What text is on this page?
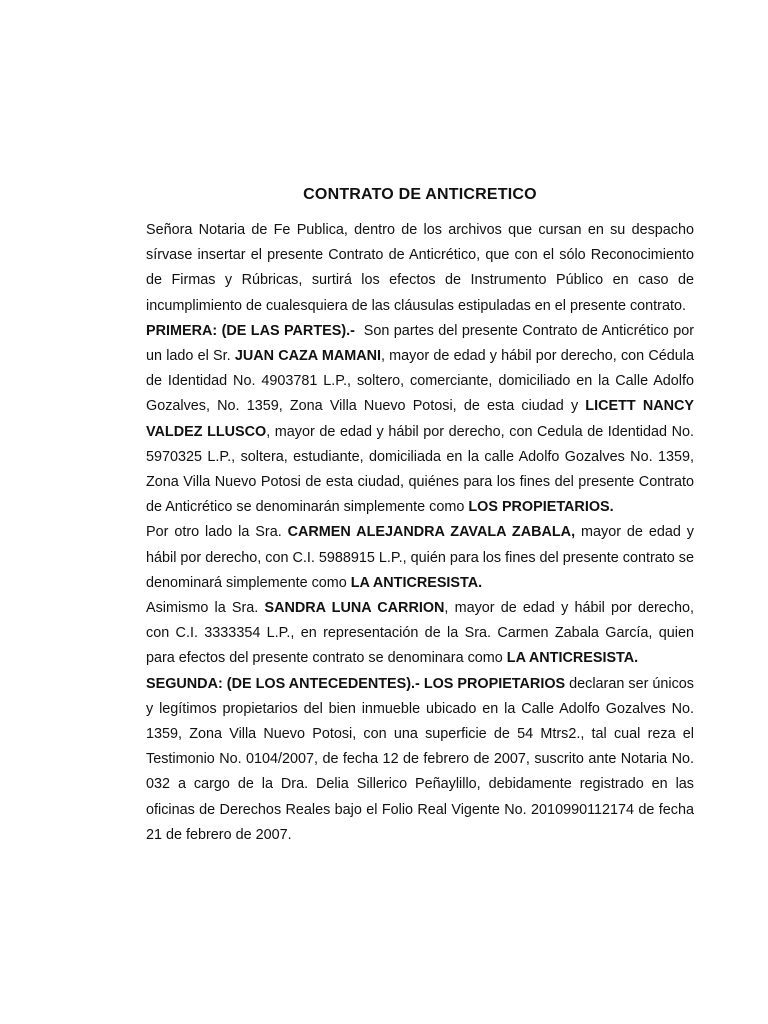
CONTRATO DE ANTICRETICO

Señora Notaria de Fe Publica, dentro de los archivos que cursan en su despacho sírvase insertar el presente Contrato de Anticrético, que con el sólo Reconocimiento de Firmas y Rúbricas, surtirá los efectos de Instrumento Público en caso de incumplimiento de cualesquiera de las cláusulas estipuladas en el presente contrato.

PRIMERA: (DE LAS PARTES).-  Son partes del presente Contrato de Anticrético por un lado el Sr. JUAN CAZA MAMANI, mayor de edad y hábil por derecho, con Cédula de Identidad No. 4903781 L.P., soltero, comerciante, domiciliado en la Calle Adolfo Gozalves, No. 1359, Zona Villa Nuevo Potosi, de esta ciudad y LICETT NANCY VALDEZ LLUSCO, mayor de edad y hábil por derecho, con Cedula de Identidad No. 5970325 L.P., soltera, estudiante, domiciliada en la calle Adolfo Gozalves No. 1359, Zona Villa Nuevo Potosi de esta ciudad, quiénes para los fines del presente Contrato de Anticrético se denominarán simplemente como LOS PROPIETARIOS.

Por otro lado la Sra. CARMEN ALEJANDRA ZAVALA ZABALA, mayor de edad y hábil por derecho, con C.I. 5988915 L.P., quién para los fines del presente contrato se denominará simplemente como LA ANTICRESISTA.

Asimismo la Sra. SANDRA LUNA CARRION, mayor de edad y hábil por derecho, con C.I. 3333354 L.P., en representación de la Sra. Carmen Zabala García, quien para efectos del presente contrato se denominara como LA ANTICRESISTA.

SEGUNDA: (DE LOS ANTECEDENTES).- LOS PROPIETARIOS declaran ser únicos y legítimos propietarios del bien inmueble ubicado en la Calle Adolfo Gozalves No. 1359, Zona Villa Nuevo Potosi, con una superficie de 54 Mtrs2., tal cual reza el Testimonio No. 0104/2007, de fecha 12 de febrero de 2007, suscrito ante Notaria No. 032 a cargo de la Dra. Delia Sillerico Peñaylillo, debidamente registrado en las oficinas de Derechos Reales bajo el Folio Real Vigente No. 2010990112174 de fecha 21 de febrero de 2007.
